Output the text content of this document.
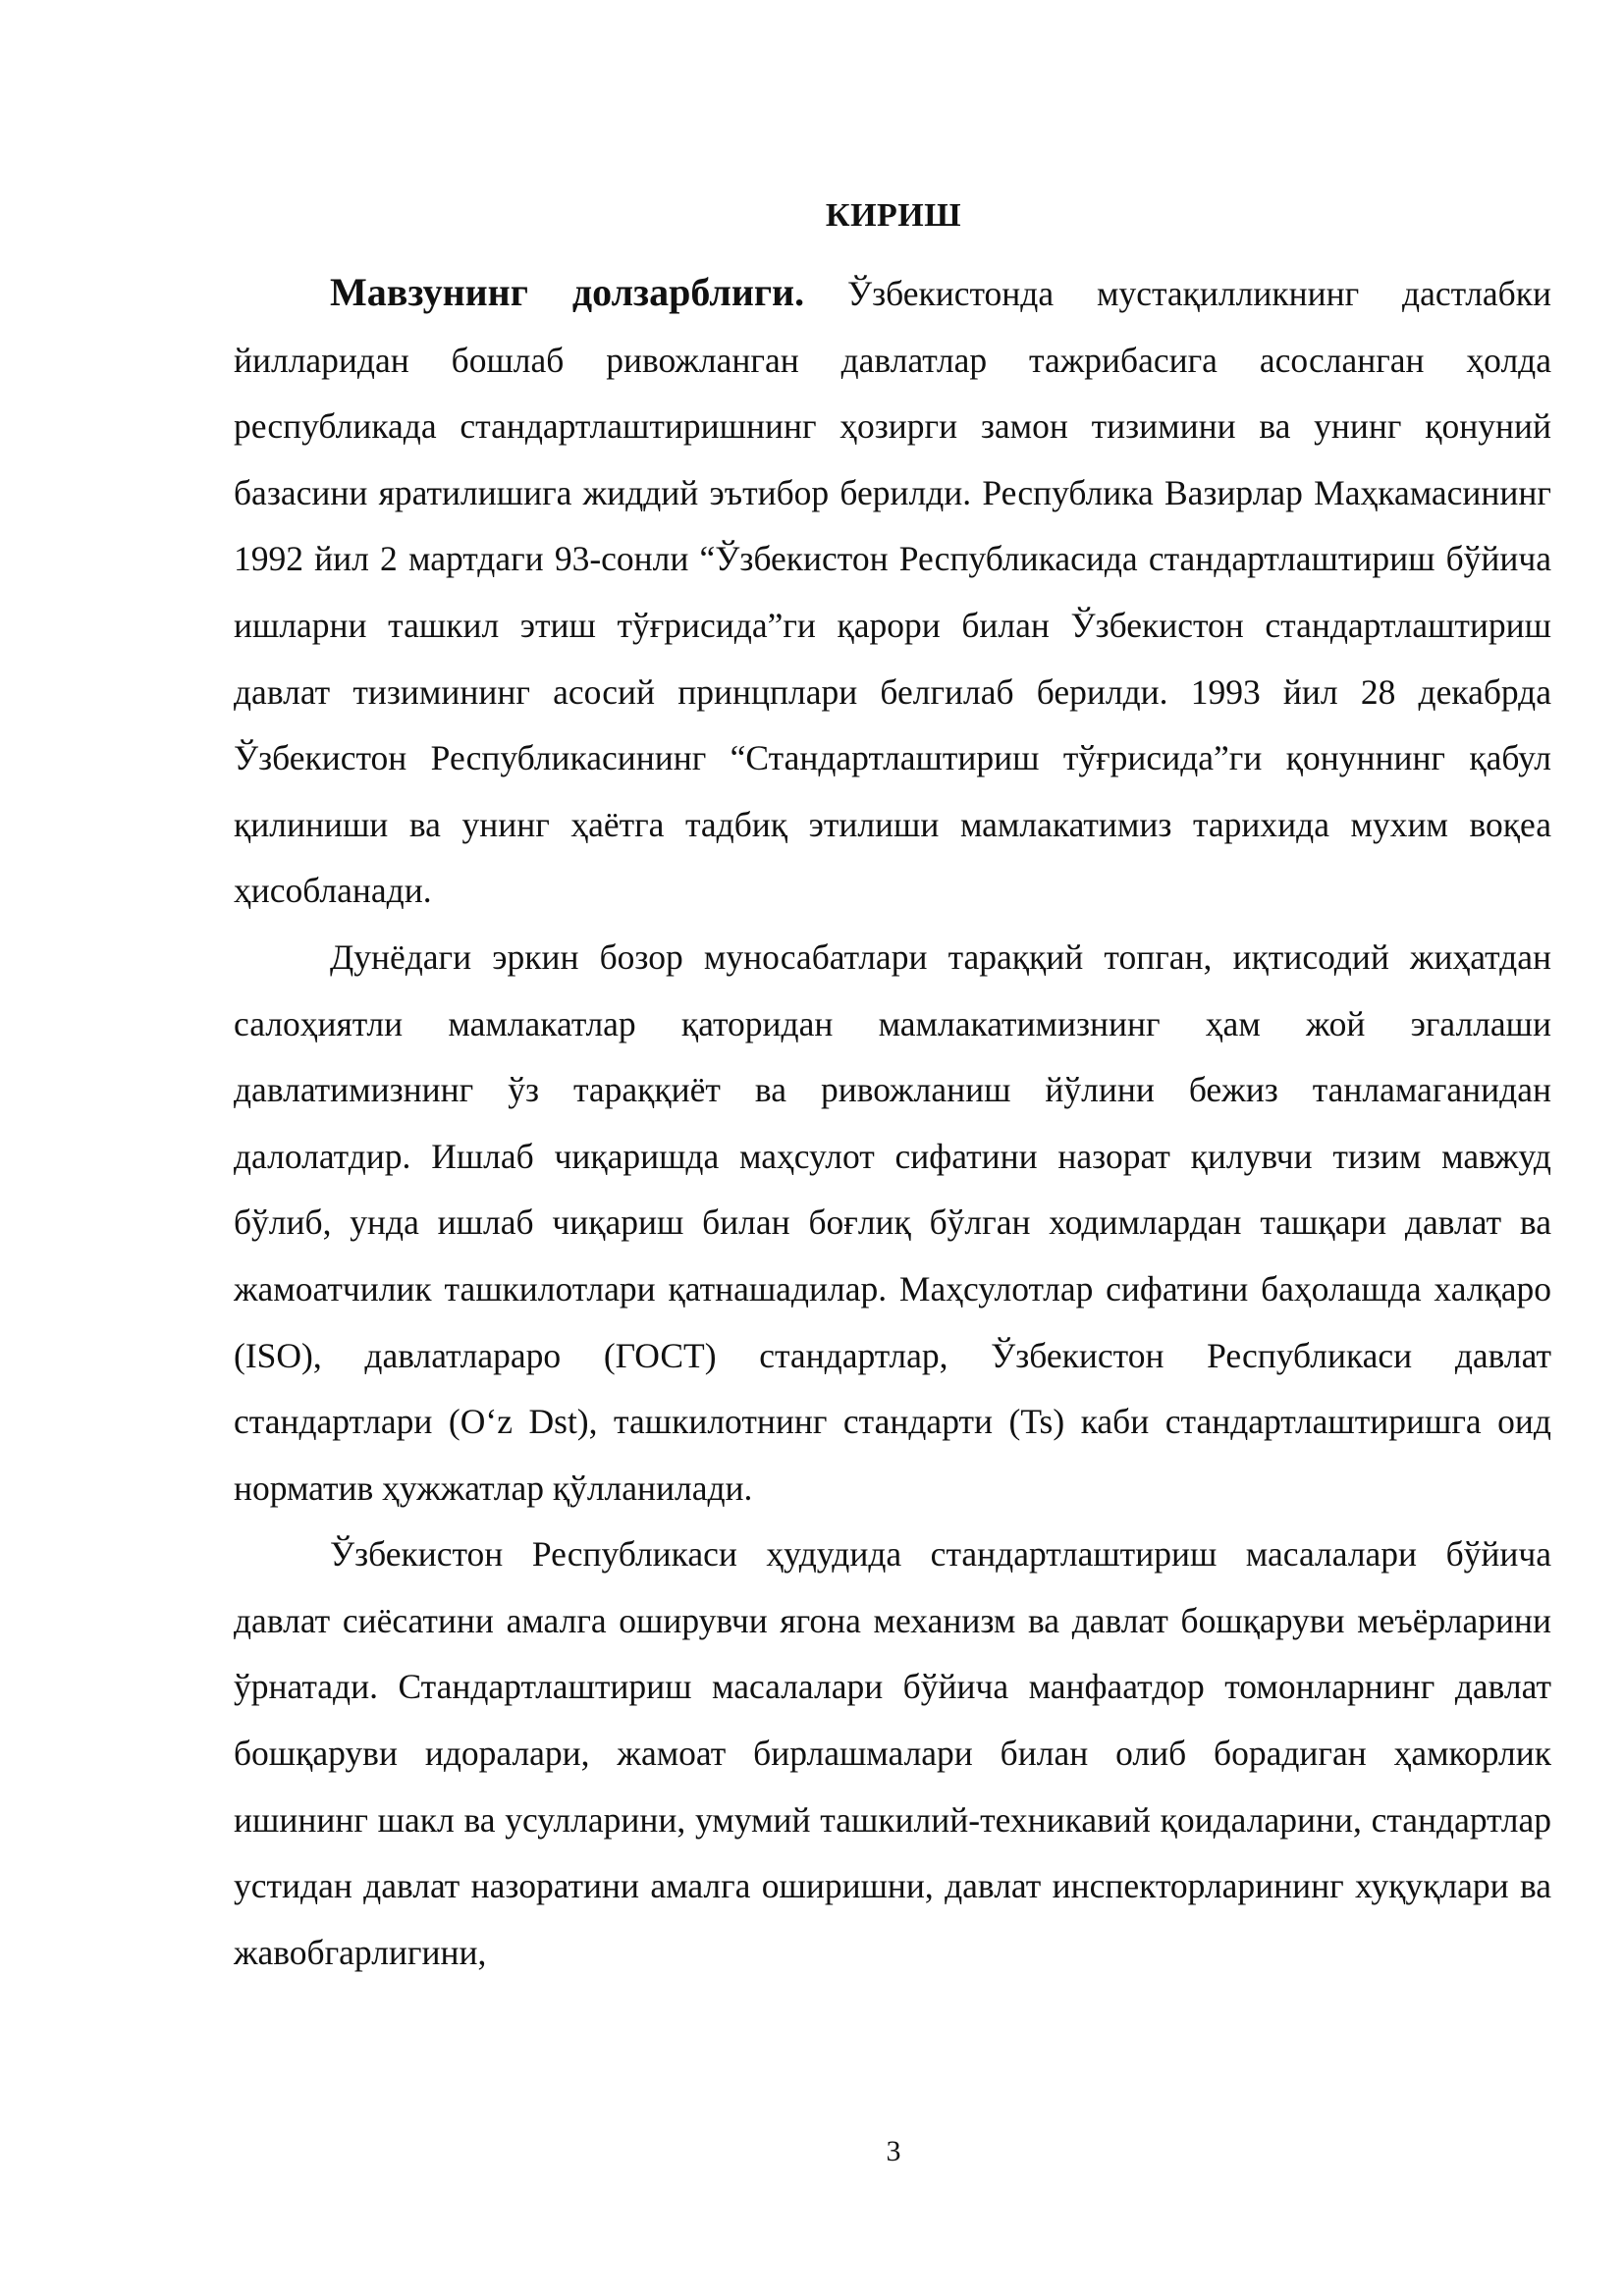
КИРИШ

Мавзунинг долзарблиги. Ўзбекистонда мустақилликнинг дастлабки йилларидан бошлаб ривожланган давлатлар тажрибасига асосланган ҳолда республикада стандартлаштиришнинг ҳозирги замон тизимини ва унинг қонуний базасини яратилишига жиддий эътибор берилди. Республика Вазирлар Маҳкамасининг 1992 йил 2 мартдаги 93-сонли “Ўзбекистон Республикасида стандартлаштириш бўйича ишларни ташкил этиш тўғрисида”ги қарори билан Ўзбекистон стандартлаштириш давлат тизимининг асосий принцплари белгилаб берилди. 1993 йил 28 декабрда Ўзбекистон Республикасининг “Стандартлаштириш тўғрисида”ги қонуннинг қабул қилиниши ва унинг ҳаётга тадбиқ этилиши мамлакатимиз тарихида мухим воқеа ҳисобланади.

Дунёдаги эркин бозор муносабатлари тараққий топган, иқтисодий жиҳатдан салоҳиятли мамлакатлар қаторидан мамлакатимизнинг ҳам жой эгаллаши давлатимизнинг ўз тараққиёт ва ривожланиш йўлини бежиз танламаганидан далолатдир. Ишлаб чиқаришда маҳсулот сифатини назорат қилувчи тизим мавжуд бўлиб, унда ишлаб чиқариш билан боғлиқ бўлган ходимлардан ташқари давлат ва жамоатчилик ташкилотлари қатнашадилар. Маҳсулотлар сифатини баҳолашда халқаро (ISO), давлатлараро (ГОСТ) стандартлар, Ўзбекистон Республикаси давлат стандартлари (O‘z Dst), ташкилотнинг стандарти (Ts) каби стандартлаштиришга оид норматив ҳужжатлар қўлланилади.

Ўзбекистон Республикаси ҳудудида стандартлаштириш масалалари бўйича давлат сиёсатини амалга оширувчи ягона механизм ва давлат бошқаруви меъёрларини ўрнатади. Стандартлаштириш масалалари бўйича манфаатдор томонларнинг давлат бошқаруви идоралари, жамоат бирлашмалари билан олиб борадиган ҳамкорлик ишининг шакл ва усулларини, умумий ташкилий-техникавий қоидаларини, стандартлар устидан давлат назоратини амалга оширишни, давлат инспекторларининг хуқуқлари ва жавобгарлигини,

3
